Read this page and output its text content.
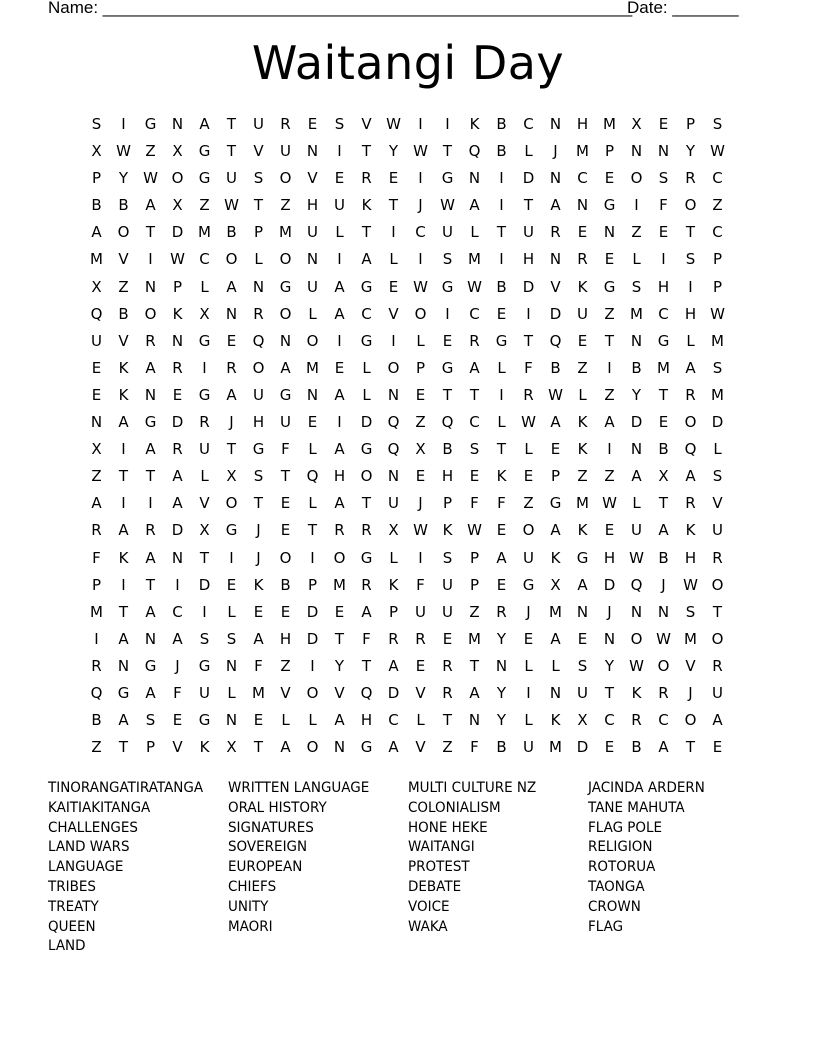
Name: ________________________________________________________
Date: _______
Waitangi Day
S	I	G	N	A	T	U	R	E	S	V W	I	I	K	B	C	N	H M	X	E	P	S
X W Z	X	G	T	V	U	N	I	T	Y	W T	Q	B	L	J	M	P	N	N	Y	W
P	Y	W O	G	U	S	O	V	E	R	E	I	G	N	I	D	N	C	E	O	S	R	C
B	B	A	X	Z W T	Z	H	U	K	T	J	W A	I	T	A	N	G	I	F	O	Z
A	O	T	D M	B	P	M	U	L	T	I	C	U	L	T	U	R	E	N	Z	E	T	C
M	V	I	W C	O	L	O	N	I	A	L	I	S	M	I	H	N	R	E	L	I	S	P
X	Z	N	P	L	A	N	G	U	A	G	E W G W B	D	V	K	G	S	H	I	P
Q	B	O	K	X	N	R	O	L	A	C	V	O	I	C	E	I	D	U	Z	M	C	H W
U	V	R	N	G	E	Q	N	O	I	G	I	L	E	R	G	T	Q	E	T	N	G	L	M
E	K	A	R	I	R	O	A	M	E	L	O	P	G	A	L	F	B	Z	I	B	M	A	S
E	K	N	E	G	A	U	G	N	A	L	N	E	T	T	I	R W	L	Z	Y	T	R	M
N	A	G	D	R	J	H	U	E	I	D	Q	Z	Q	C	L	W A	K	A	D	E	O	D
X	I	A	R	U	T	G	F	L	A	G	Q	X	B	S	T	L	E	K	I	N	B	Q	L
Z	T	T	A	L	X	S	T	Q	H	O	N	E	H	E	K	E	P	Z	Z	A	X	A	S
A	I	I	A	V	O	T	E	L	A	T	U	J	P	F	F	Z	G M W	L	T	R	V
R	A	R	D	X	G	J	E	T	R	R	X W K W E	O	A	K	E	U	A	K	U
F	K	A	N	T	I	J	O	I	O	G	L	I	S	P	A	U	K	G	H W B	H	R
P	I	T	I	D	E	K	B	P	M	R	K	F	U	P	E	G	X	A	D	Q	J	W O
M	T	A	C	I	L	E	E	D	E	A	P	U	U	Z	R	J	M N	J	N	N	S	T
I	A	N	A	S	S	A	H	D	T	F	R	R	E	M	Y	E	A	E	N	O W M O
R	N	G	J	G	N	F	Z	I	Y	T	A	E	R	T	N	L	L	S	Y	W O	V	R
Q	G	A	F	U	L	M	V	O	V	Q	D	V	R	A	Y	I	N	U	T	K	R	J	U
B	A	S	E	G	N	E	L	L	A	H	C	L	T	N	Y	L	K	X	C	R	C	O	A
Z	T	P	V	K	X	T	A	O	N	G	A	V	Z	F	B	U	M D	E	B	A	T	E
TINORANGATIRATANGA
KAITIAKITANGA
CHALLENGES
LAND WARS
LANGUAGE
TRIBES
TREATY
QUEEN
LAND
WRITTEN LANGUAGE
ORAL HISTORY
SIGNATURES
SOVEREIGN
EUROPEAN
CHIEFS
UNITY
MAORI
MULTI CULTURE NZ
COLONIALISM
HONE HEKE
WAITANGI
PROTEST
DEBATE
VOICE
WAKA
JACINDA ARDERN
TANE MAHUTA
FLAG POLE
RELIGION
ROTORUA
TAONGA
CROWN
FLAG
